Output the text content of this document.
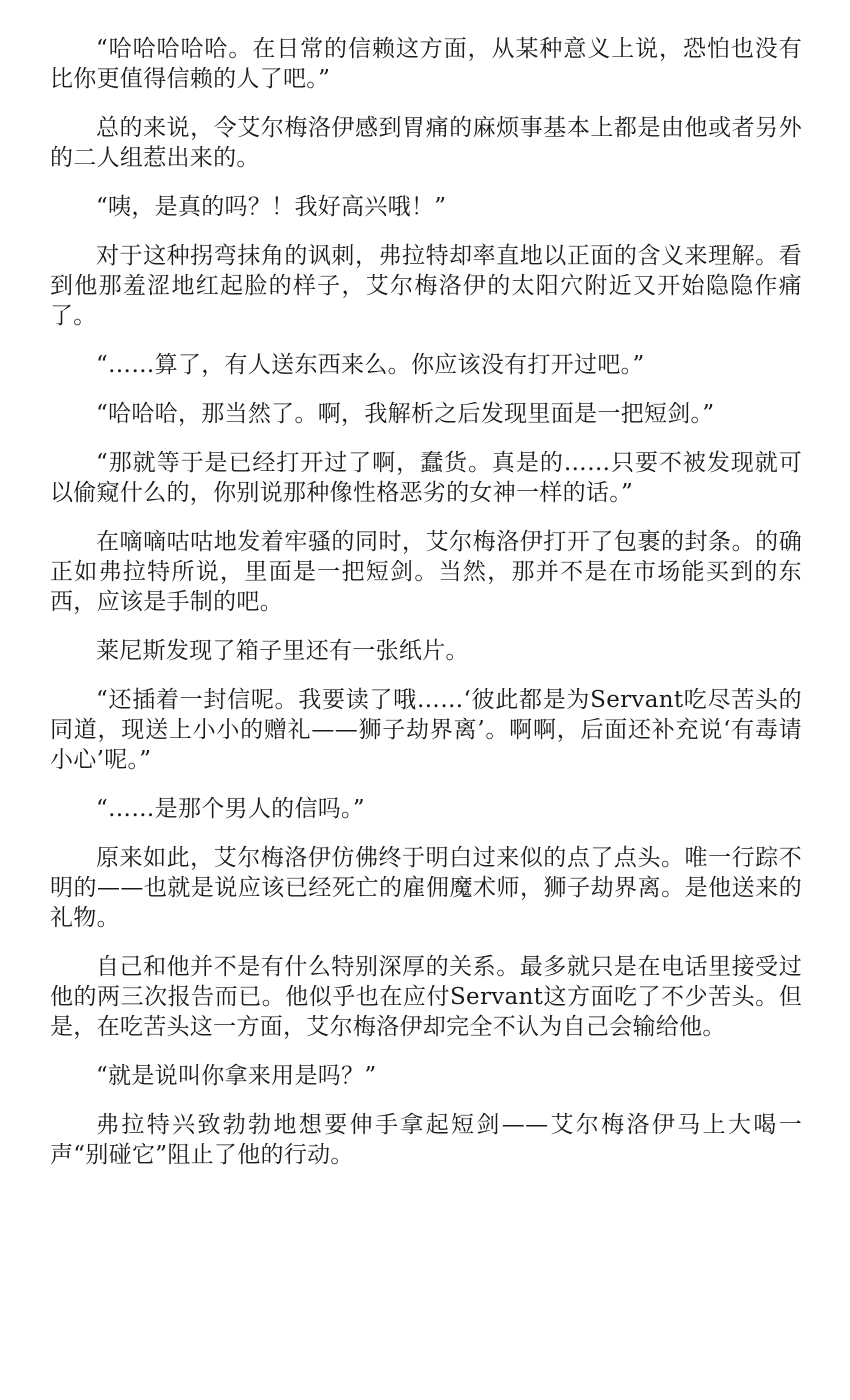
“哈哈哈哈哈。在日常的信赖这方面，从某种意义上说，恐怕也没有比你更值得信赖的人了吧。”

总的来说，令艾尔梅洛伊感到胃痛的麻烦事基本上都是由他或者另外的二人组惹出来的。

“咦，是真的吗？！我好高兴哦！”

对于这种拐弯抹角的讽刺，弗拉特却率直地以正面的含义来理解。看到他那羞涩地红起脸的样子，艾尔梅洛伊的太阳穴附近又开始隐隐作痛了。

“……算了，有人送东西来么。你应该没有打开过吧。”

“哈哈哈，那当然了。啊，我解析之后发现里面是一把短剑。”

“那就等于是已经打开过了啊，蠢货。真是的……只要不被发现就可以偷窥什么的，你别说那种像性格恶劣的女神一样的话。”

在嘀嘀咕咕地发着牢骚的同时，艾尔梅洛伊打开了包裹的封条。的确正如弗拉特所说，里面是一把短剑。当然，那并不是在市场能买到的东西，应该是手制的吧。

莱尼斯发现了箱子里还有一张纸片。

“还插着一封信呢。我要读了哦……‘彼此都是为Servant吃尽苦头的同道，现送上小小的赠礼——狮子劫界离’。啊啊，后面还补充说‘有毒请小心’呢。”

“……是那个男人的信吗。”

原来如此，艾尔梅洛伊仿佛终于明白过来似的点了点头。唯一行踪不明的——也就是说应该已经死亡的雇佣魔术师，狮子劫界离。是他送来的礼物。

自己和他并不是有什么特别深厚的关系。最多就只是在电话里接受过他的两三次报告而已。他似乎也在应付Servant这方面吃了不少苦头。但是，在吃苦头这一方面，艾尔梅洛伊却完全不认为自己会输给他。

“就是说叫你拿来用是吗？”

弗拉特兴致勃勃地想要伸手拿起短剑——艾尔梅洛伊马上大喝一声“别碰它”阻止了他的行动。
